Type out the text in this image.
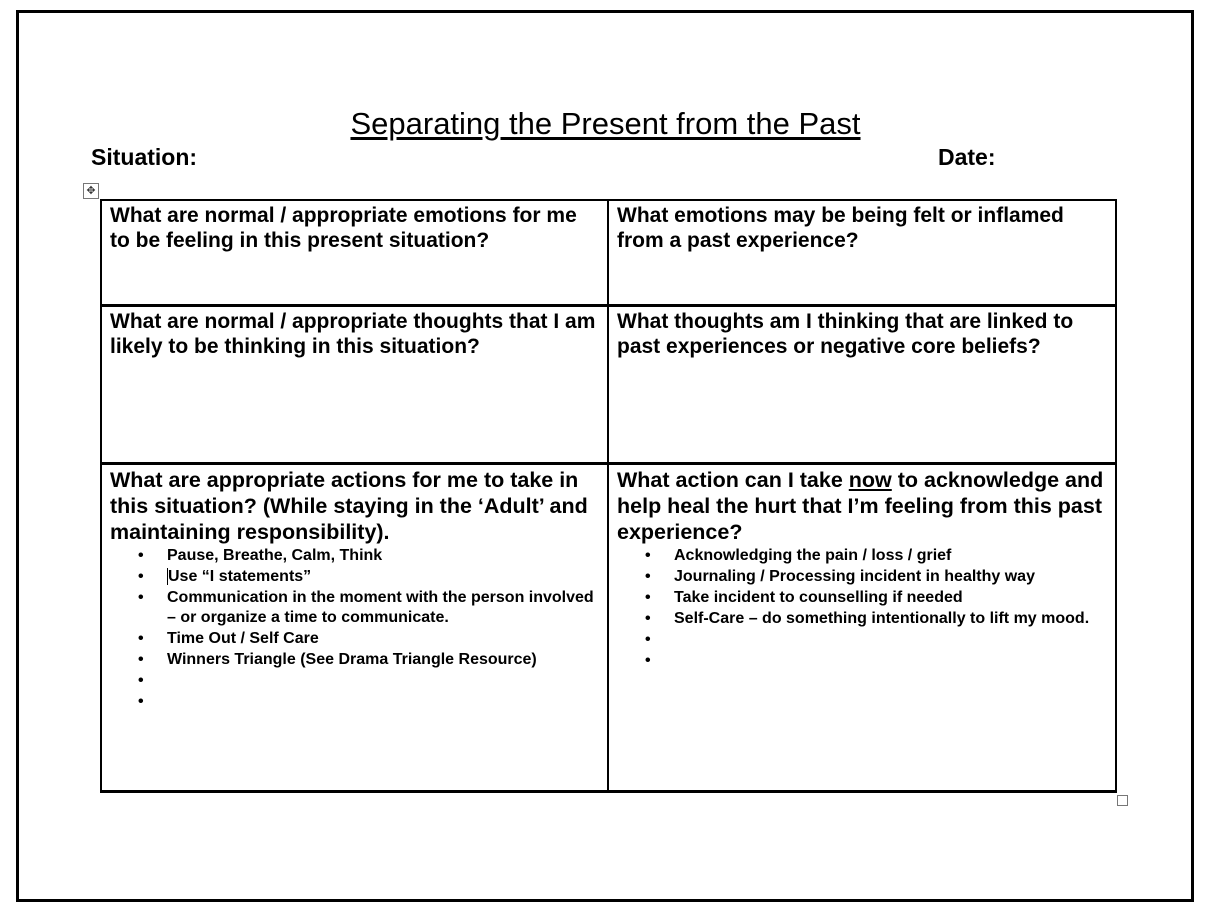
Separating the Present from the Past
Situation:	Date:
✥

What are normal / appropriate emotions for me to be feeling in this present situation?

What emotions may be being felt or inflamed from a past experience?

What are normal / appropriate thoughts that I am likely to be thinking in this situation?

What thoughts am I thinking that are linked to past experiences or negative core beliefs?

What are appropriate actions for me to take in this situation? (While staying in the ‘Adult’ and maintaining responsibility).

• Pause, Breathe, Calm, Think
• Use “I statements”
• Communication in the moment with the person involved – or organize a time to communicate.
• Time Out / Self Care
• Winners Triangle (See Drama Triangle Resource)
•
•

What action can I take now to acknowledge and help heal the hurt that I’m feeling from this past experience?

• Acknowledging the pain / loss / grief
• Journaling / Processing incident in healthy way
• Take incident to counselling if needed
• Self-Care – do something intentionally to lift my mood.
•
•
